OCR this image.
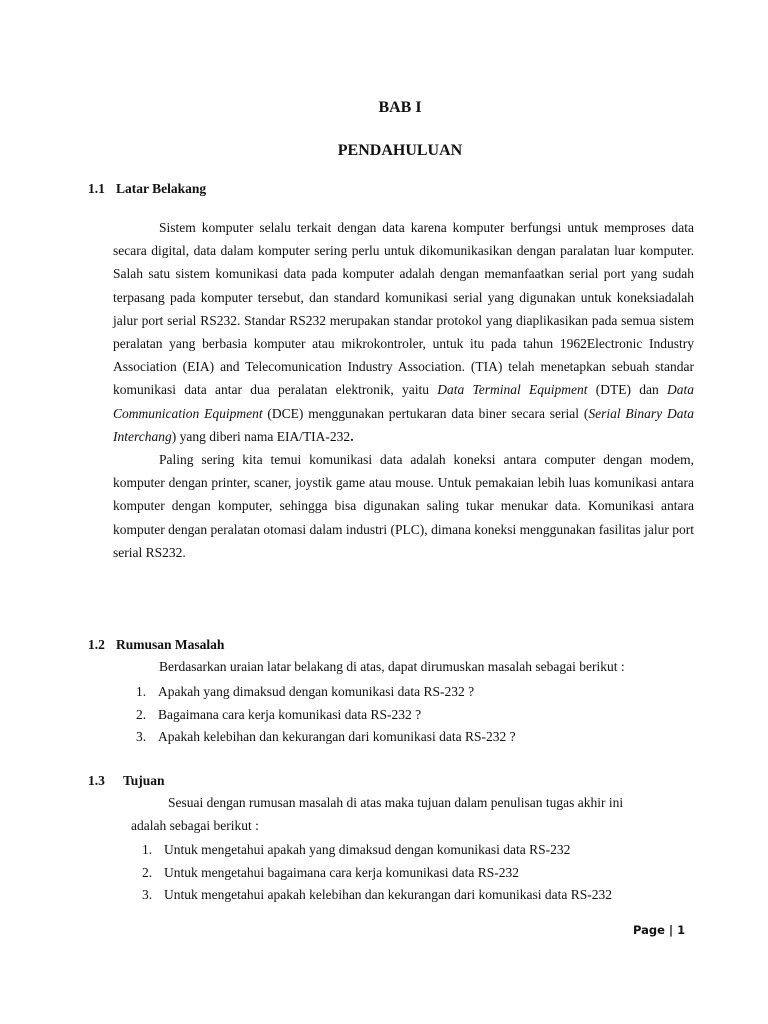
BAB I
PENDAHULUAN
1.1 Latar Belakang

Sistem komputer selalu terkait dengan data karena komputer berfungsi untuk memproses data secara digital, data dalam komputer sering perlu untuk dikomunikasikan dengan paralatan luar komputer. Salah satu sistem komunikasi data pada komputer adalah dengan memanfaatkan serial port yang sudah terpasang pada komputer tersebut, dan standard komunikasi serial yang digunakan untuk koneksiadalah jalur port serial RS232. Standar RS232 merupakan standar protokol yang diaplikasikan pada semua sistem peralatan yang berbasia komputer atau mikrokontroler, untuk itu pada tahun 1962Electronic Industry Association (EIA) and Telecomunication Industry Association. (TIA) telah menetapkan sebuah standar komunikasi data antar dua peralatan elektronik, yaitu Data Terminal Equipment (DTE) dan Data Communication Equipment (DCE) menggunakan pertukaran data biner secara serial (Serial Binary Data Interchang) yang diberi nama EIA/TIA-232.

Paling sering kita temui komunikasi data adalah koneksi antara computer dengan modem, komputer dengan printer, scaner, joystik game atau mouse. Untuk pemakaian lebih luas komunikasi antara komputer dengan komputer, sehingga bisa digunakan saling tukar menukar data. Komunikasi antara komputer dengan peralatan otomasi dalam industri (PLC), dimana koneksi menggunakan fasilitas jalur port serial RS232.

1.2 Rumusan Masalah
Berdasarkan uraian latar belakang di atas, dapat dirumuskan masalah sebagai berikut :
1. Apakah yang dimaksud dengan komunikasi data RS-232 ?
2. Bagaimana cara kerja komunikasi data RS-232 ?
3. Apakah kelebihan dan kekurangan dari komunikasi data RS-232 ?
1.3 Tujuan
Sesuai dengan rumusan masalah di atas maka tujuan dalam penulisan tugas akhir ini
adalah sebagai berikut :
1. Untuk mengetahui apakah yang dimaksud dengan komunikasi data RS-232
2. Untuk mengetahui bagaimana cara kerja komunikasi data RS-232
3. Untuk mengetahui apakah kelebihan dan kekurangan dari komunikasi data RS-232
Page | 1
